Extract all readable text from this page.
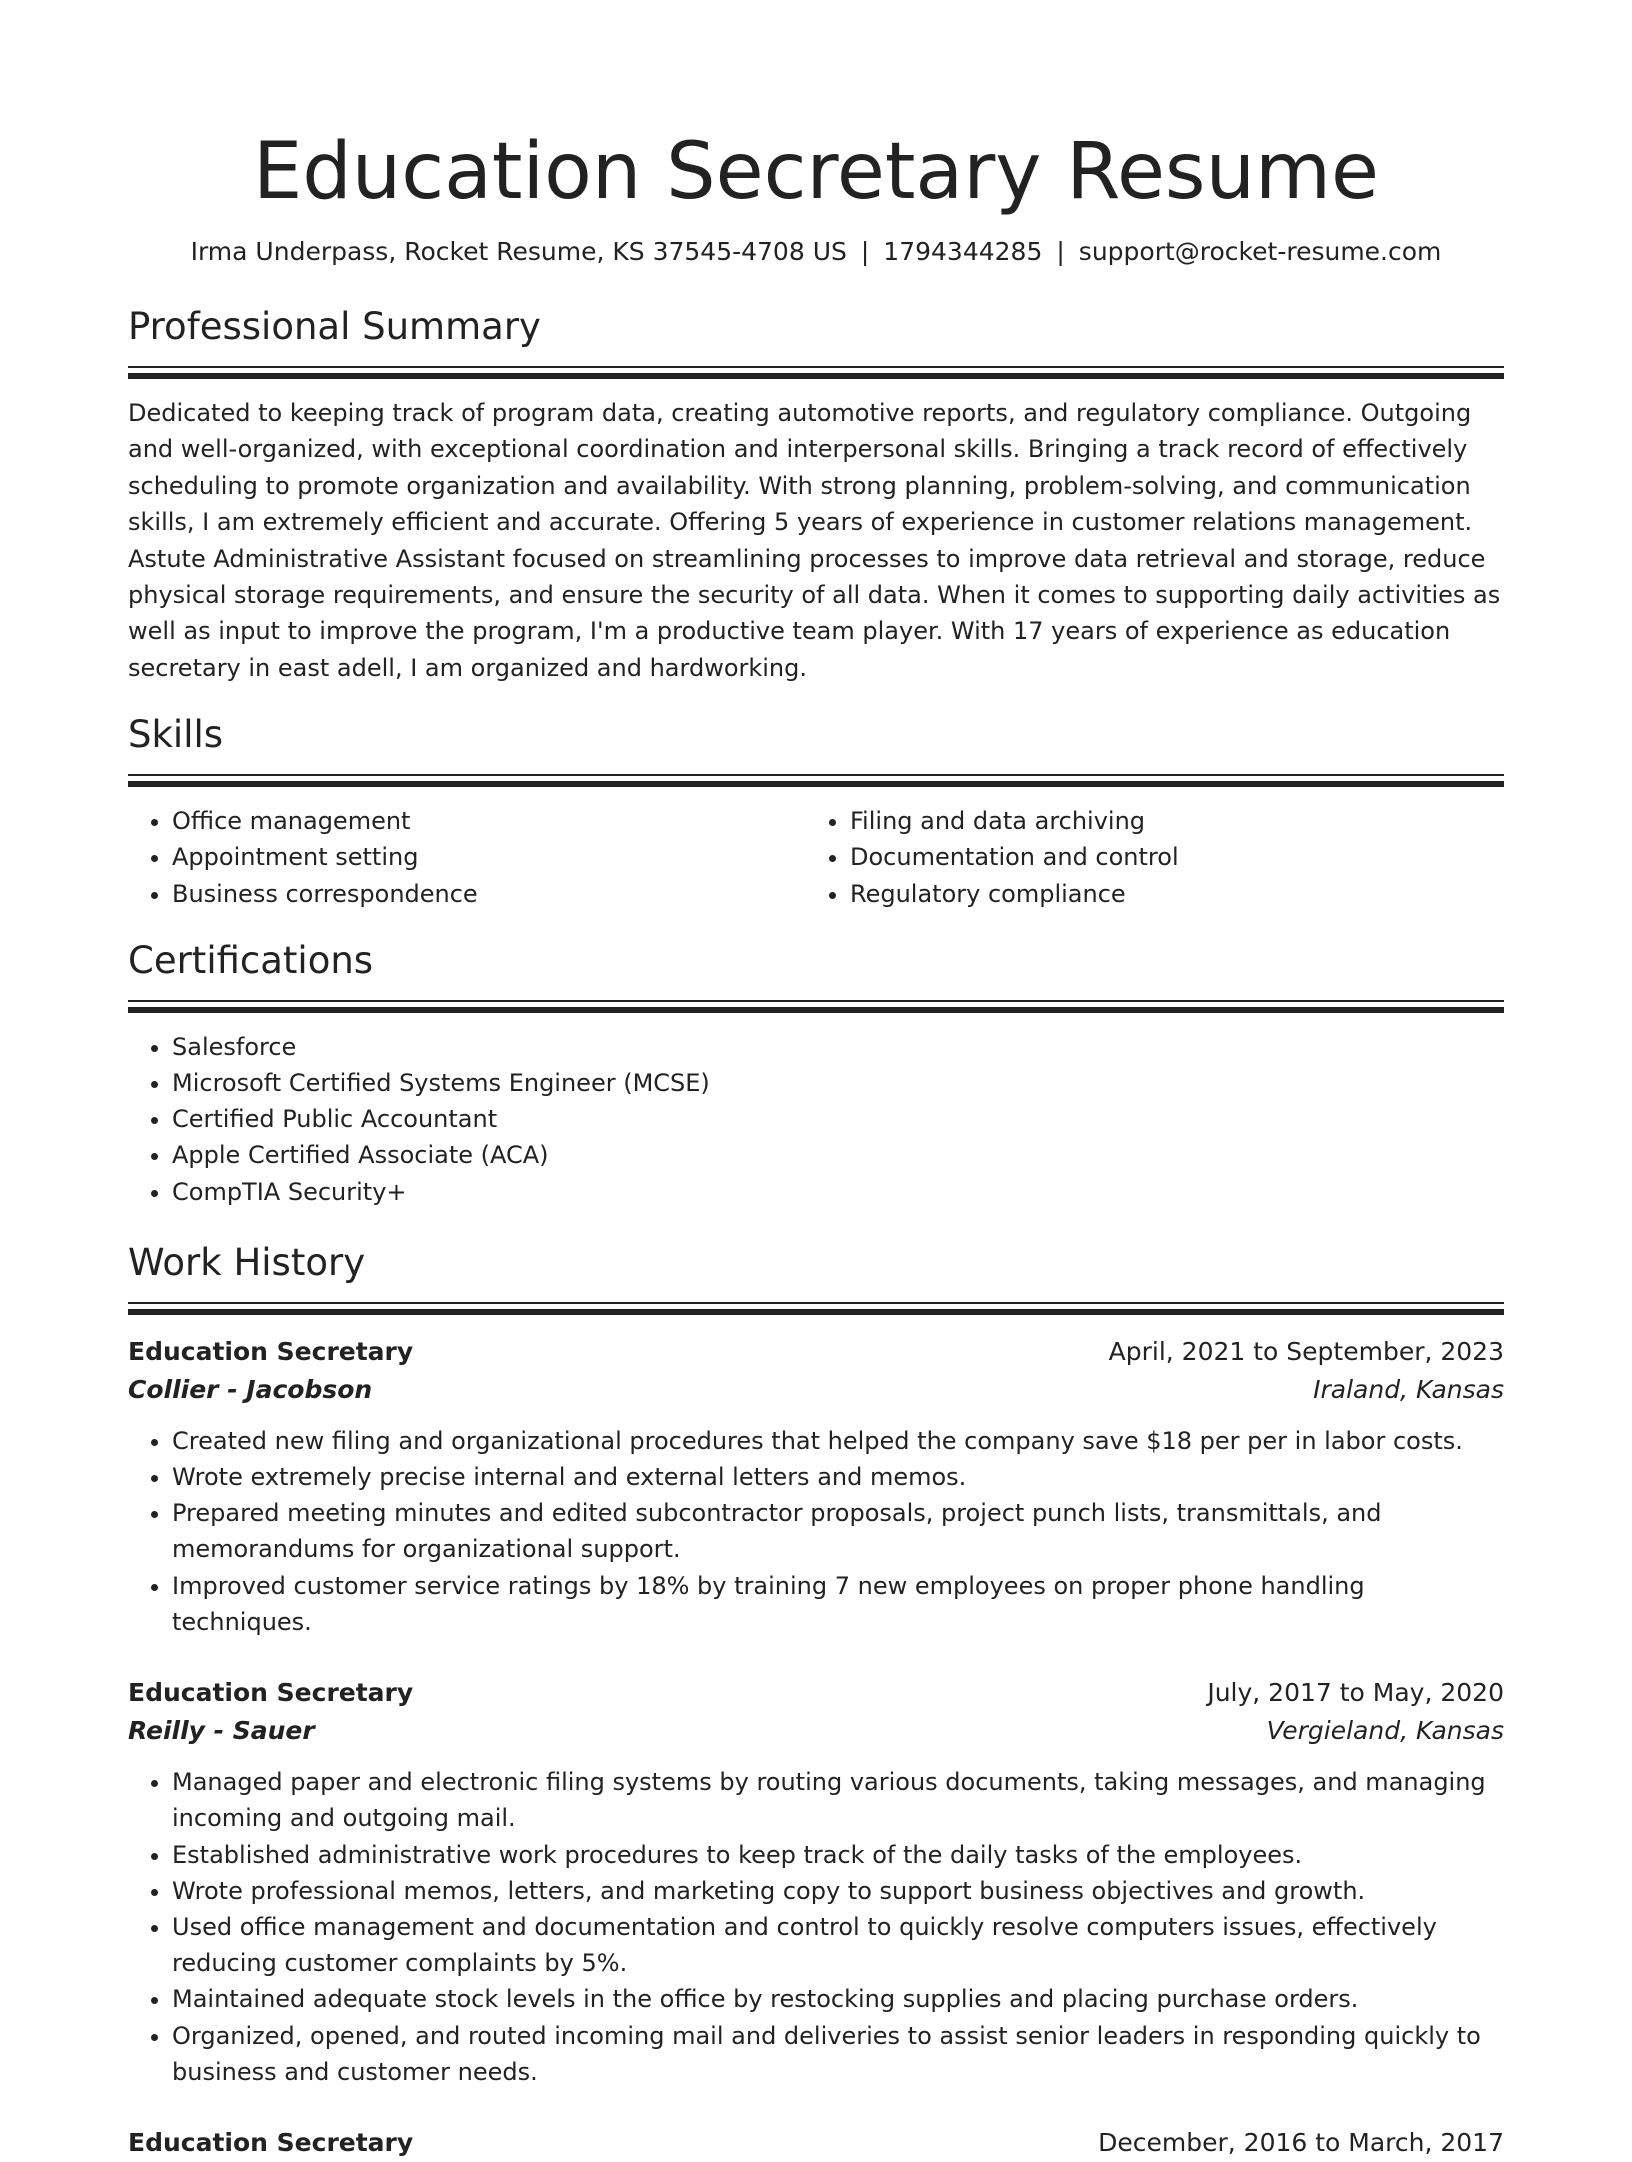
Education Secretary Resume
Irma Underpass, Rocket Resume, KS 37545-4708 US | 1794344285 | support@rocket-resume.com
Professional Summary

Dedicated to keeping track of program data, creating automotive reports, and regulatory compliance. Outgoing and well-organized, with exceptional coordination and interpersonal skills. Bringing a track record of effectively scheduling to promote organization and availability. With strong planning, problem-solving, and communication skills, I am extremely efficient and accurate. Offering 5 years of experience in customer relations management. Astute Administrative Assistant focused on streamlining processes to improve data retrieval and storage, reduce physical storage requirements, and ensure the security of all data. When it comes to supporting daily activities as well as input to improve the program, I'm a productive team player. With 17 years of experience as education secretary in east adell, I am organized and hardworking.

Skills
• Office management
• Appointment setting
• Business correspondence
• Filing and data archiving
• Documentation and control
• Regulatory compliance
Certifications
• Salesforce
• Microsoft Certified Systems Engineer (MCSE)
• Certified Public Accountant
• Apple Certified Associate (ACA)
• CompTIA Security+
Work History
Education Secretary	April, 2021 to September, 2023
Collier - Jacobson	Iraland, Kansas
• Created new filing and organizational procedures that helped the company save $18 per per in labor costs.
• Wrote extremely precise internal and external letters and memos.
• Prepared meeting minutes and edited subcontractor proposals, project punch lists, transmittals, and memorandums for organizational support.
• Improved customer service ratings by 18% by training 7 new employees on proper phone handling techniques.
Education Secretary	July, 2017 to May, 2020
Reilly - Sauer	Vergieland, Kansas
• Managed paper and electronic filing systems by routing various documents, taking messages, and managing incoming and outgoing mail.
• Established administrative work procedures to keep track of the daily tasks of the employees.
• Wrote professional memos, letters, and marketing copy to support business objectives and growth.
• Used office management and documentation and control to quickly resolve computers issues, effectively reducing customer complaints by 5%.
• Maintained adequate stock levels in the office by restocking supplies and placing purchase orders.
• Organized, opened, and routed incoming mail and deliveries to assist senior leaders in responding quickly to business and customer needs.
Education Secretary	December, 2016 to March, 2017
